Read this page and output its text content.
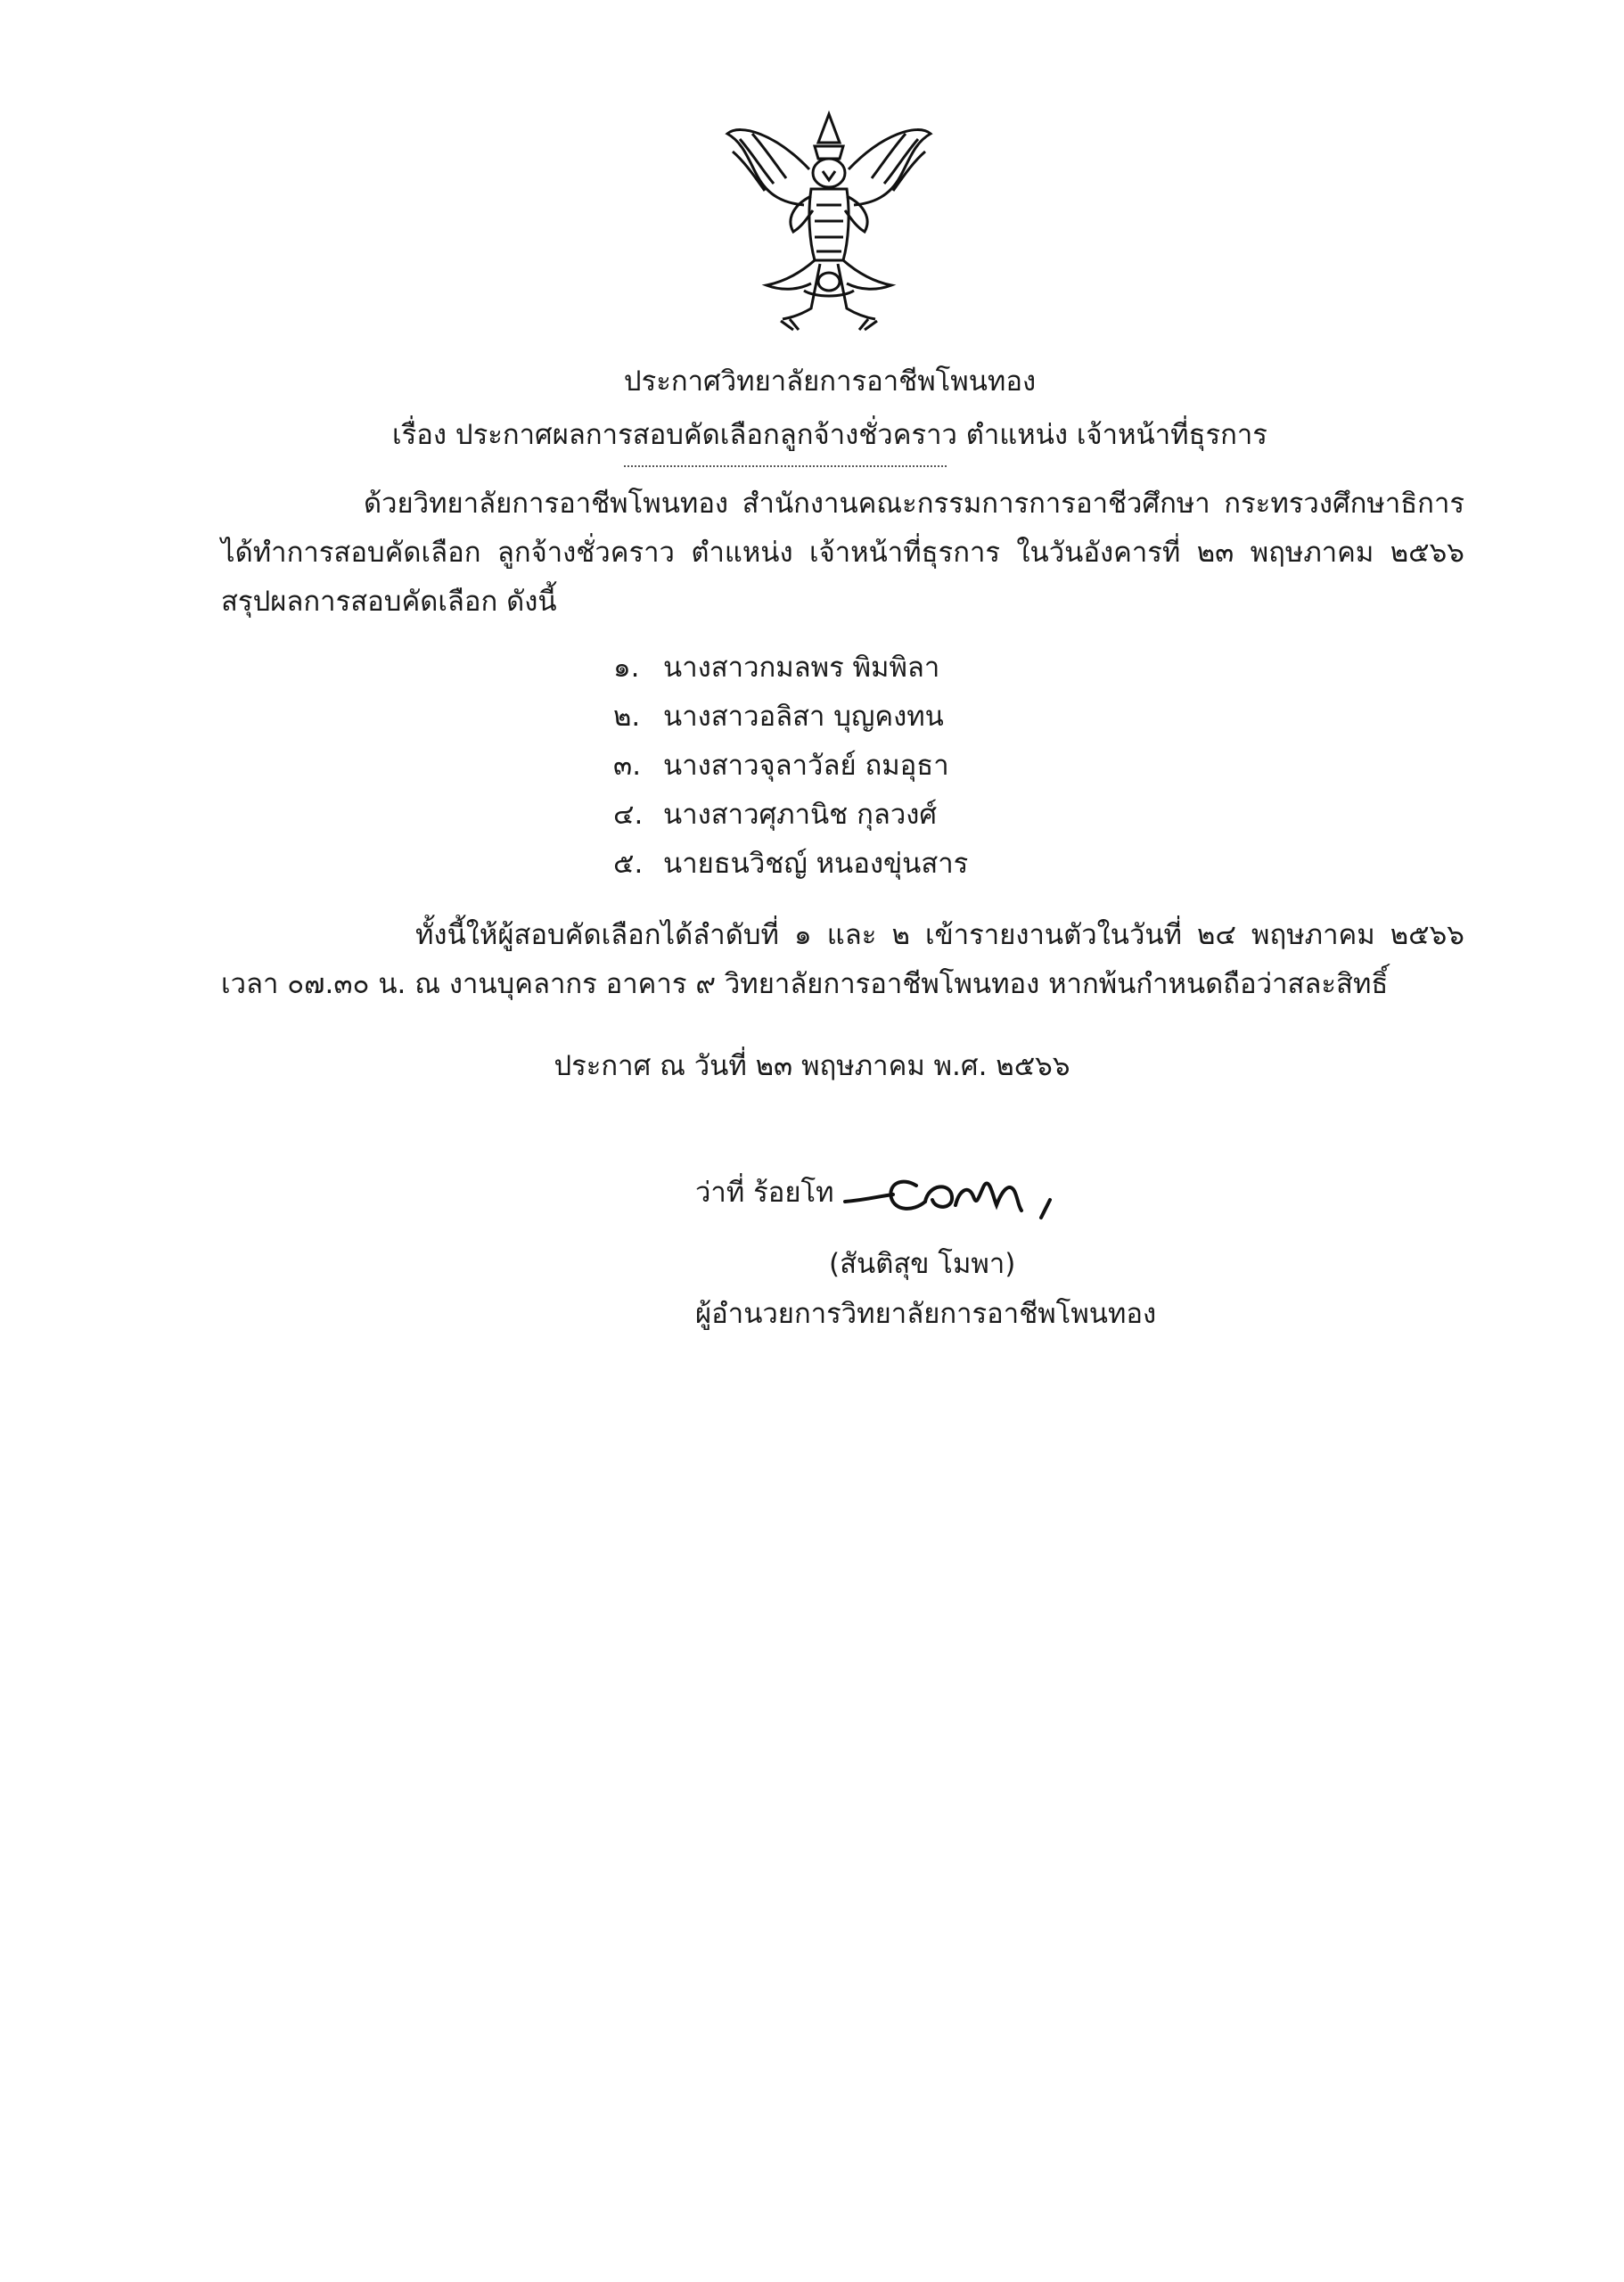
ประกาศวิทยาลัยการอาชีพโพนทอง
เรื่อง ประกาศผลการสอบคัดเลือกลูกจ้างชั่วคราว ตำแหน่ง เจ้าหน้าที่ธุรการ
ด้วยวิทยาลัยการอาชีพโพนทอง สำนักงานคณะกรรมการการอาชีวศึกษา กระทรวงศึกษาธิการ ได้ทำการสอบคัดเลือก ลูกจ้างชั่วคราว ตำแหน่ง เจ้าหน้าที่ธุรการ ในวันอังคารที่ ๒๓ พฤษภาคม ๒๕๖๖ สรุปผลการสอบคัดเลือก ดังนี้
๑. นางสาวกมลพร พิมพิลา
๒. นางสาวอลิสา บุญคงทน
๓. นางสาวจุลาวัลย์ ถมอุธา
๔. นางสาวศุภานิช กุลวงศ์
๕. นายธนวิชญ์ หนองขุ่นสาร
ทั้งนี้ให้ผู้สอบคัดเลือกได้ลำดับที่ ๑ และ ๒ เข้ารายงานตัวในวันที่ ๒๔ พฤษภาคม ๒๕๖๖ เวลา ๐๗.๓๐ น. ณ งานบุคลากร อาคาร ๙ วิทยาลัยการอาชีพโพนทอง หากพ้นกำหนดถือว่าสละสิทธิ์
ประกาศ ณ วันที่ ๒๓ พฤษภาคม พ.ศ. ๒๕๖๖
ว่าที่ ร้อยโท
(สันติสุข โมพา)
ผู้อำนวยการวิทยาลัยการอาชีพโพนทอง
